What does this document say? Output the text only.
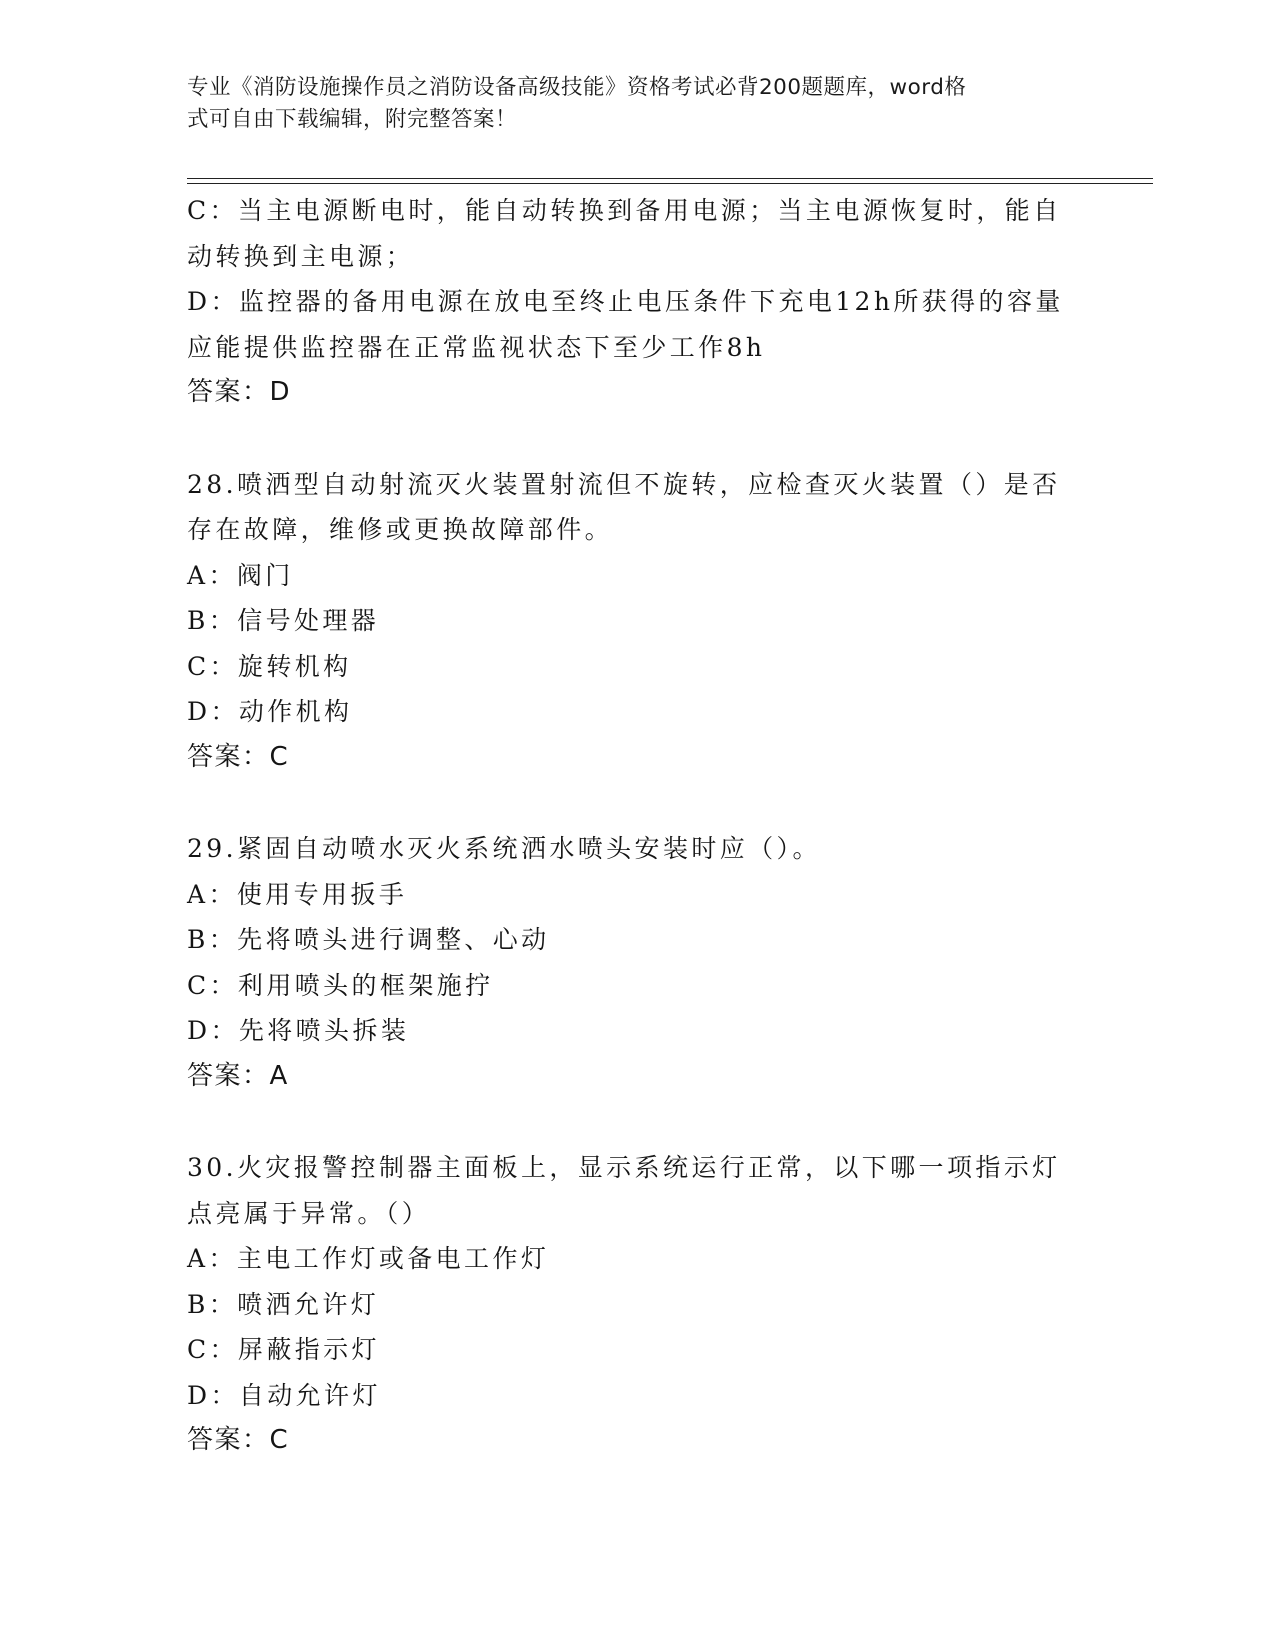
专业《消防设施操作员之消防设备高级技能》资格考试必背200题题库，word格
式可自由下载编辑，附完整答案！
C：当主电源断电时，能自动转换到备用电源；当主电源恢复时，能自
动转换到主电源；
D：监控器的备用电源在放电至终止电压条件下充电12h所获得的容量
应能提供监控器在正常监视状态下至少工作8h
答案：D
28.喷洒型自动射流灭火装置射流但不旋转，应检查灭火装置（）是否
存在故障，维修或更换故障部件。
A：阀门
B：信号处理器
C：旋转机构
D：动作机构
答案：C
29.紧固自动喷水灭火系统洒水喷头安装时应（）。
A：使用专用扳手
B：先将喷头进行调整、心动
C：利用喷头的框架施拧
D：先将喷头拆装
答案：A
30.火灾报警控制器主面板上，显示系统运行正常，以下哪一项指示灯
点亮属于异常。（）
A：主电工作灯或备电工作灯
B：喷洒允许灯
C：屏蔽指示灯
D：自动允许灯
答案：C
